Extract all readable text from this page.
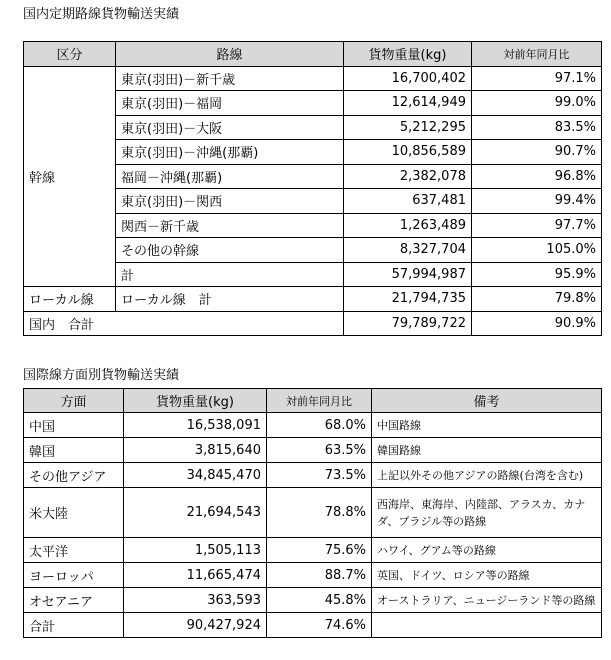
国内定期路線貨物輸送実績
区分	路線	貨物重量(kg)	対前年同月比
幹線	東京(羽田)－新千歳	16,700,402	97.1%
	東京(羽田)－福岡	12,614,949	99.0%
	東京(羽田)－大阪	5,212,295	83.5%
	東京(羽田)－沖縄(那覇)	10,856,589	90.7%
	福岡－沖縄(那覇)	2,382,078	96.8%
	東京(羽田)－関西	637,481	99.4%
	関西－新千歳	1,263,489	97.7%
	その他の幹線	8,327,704	105.0%
	計	57,994,987	95.9%
ローカル線	ローカル線　計	21,794,735	79.8%
国内　合計		79,789,722	90.9%
国際線方面別貨物輸送実績
方面	貨物重量(kg)	対前年同月比	備考
中国	16,538,091	68.0%	中国路線
韓国	3,815,640	63.5%	韓国路線
その他アジア	34,845,470	73.5%	上記以外その他アジアの路線(台湾を含む)
米大陸	21,694,543	78.8%	西海岸、東海岸、内陸部、アラスカ、カナダ、ブラジル等の路線
太平洋	1,505,113	75.6%	ハワイ、グアム等の路線
ヨーロッパ	11,665,474	88.7%	英国、ドイツ、ロシア等の路線
オセアニア	363,593	45.8%	オーストラリア、ニュージーランド等の路線
合計	90,427,924	74.6%	
